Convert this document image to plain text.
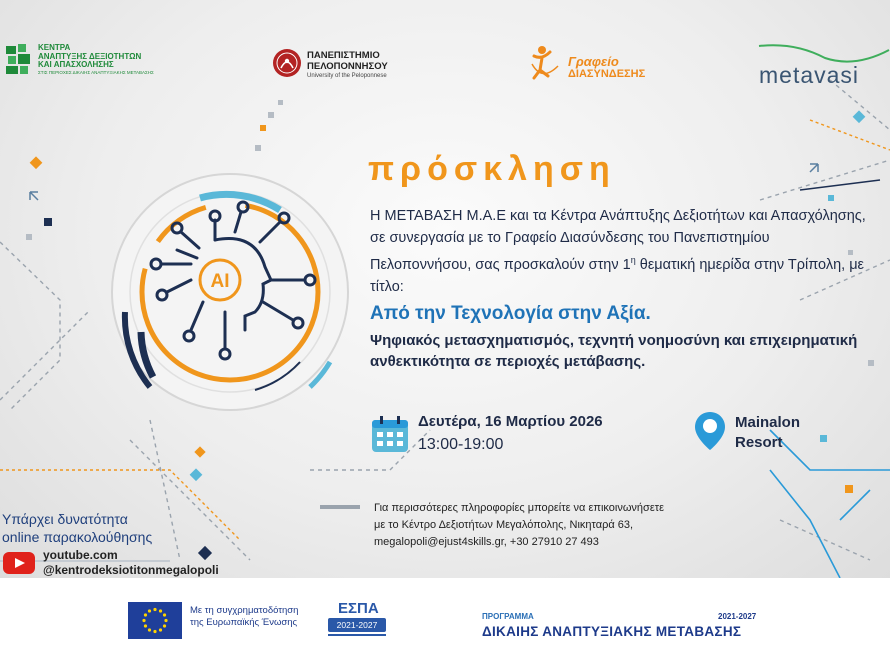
ΚΕΝΤΡΑ
ΑΝΑΠΤΥΞΗΣ ΔΕΞΙΟΤΗΤΩΝ
ΚΑΙ ΑΠΑΣΧΟΛΗΣΗΣ
ΣΤΙΣ ΠΕΡΙΟΧΕΣ ΔΙΚΑΙΗΣ ΑΝΑΠΤΥΞΙΑΚΗΣ ΜΕΤΑΒΑΣΗΣ
ΠΑΝΕΠΙΣΤΗΜΙΟ
ΠΕΛΟΠΟΝΝΗΣΟΥ
University of the Peloponnese
Γραφείο
ΔΙΑΣΥΝΔΕΣΗΣ	metavasi
AI
πρόσκληση

Η ΜΕΤΑΒΑΣΗ Μ.Α.Ε και τα Κέντρα Ανάπτυξης Δεξιοτήτων και Απασχόλησης, σε συνεργασία με το Γραφείο Διασύνδεσης του Πανεπιστημίου Πελοποννήσου, σας προσκαλούν στην $1^\eta$ θεματική ημερίδα στην Τρίπολη, με τίτλο:

Από την Τεχνολογία στην Αξία.

Ψηφιακός μετασχηματισμός, τεχνητή νοημοσύνη και επιχειρηματική ανθεκτικότητα σε περιοχές μετάβασης.

Δευτέρα, 16 Μαρτίου 2026
13:00-19:00
Mainalon
Resort

Για περισσότερες πληροφορίες μπορείτε να επικοινωνήσετε
με το Κέντρο Δεξιοτήτων Μεγαλόπολης, Νικηταρά 63,
megalopoli@ejust4skills.gr, +30 27910 27 493

Υπάρχει δυνατότητα
online παρακολούθησης
youtube.com
@kentrodeksiotitonmegalopoli
Με τη συγχρηματοδότηση
της Ευρωπαϊκής Ένωσης
ΕΣΠΑ
2021-2027
ΠΡΟΓΡΑΜΜΑ	2021-2027
ΔΙΚΑΙΗΣ ΑΝΑΠΤΥΞΙΑΚΗΣ ΜΕΤΑΒΑΣΗΣ
